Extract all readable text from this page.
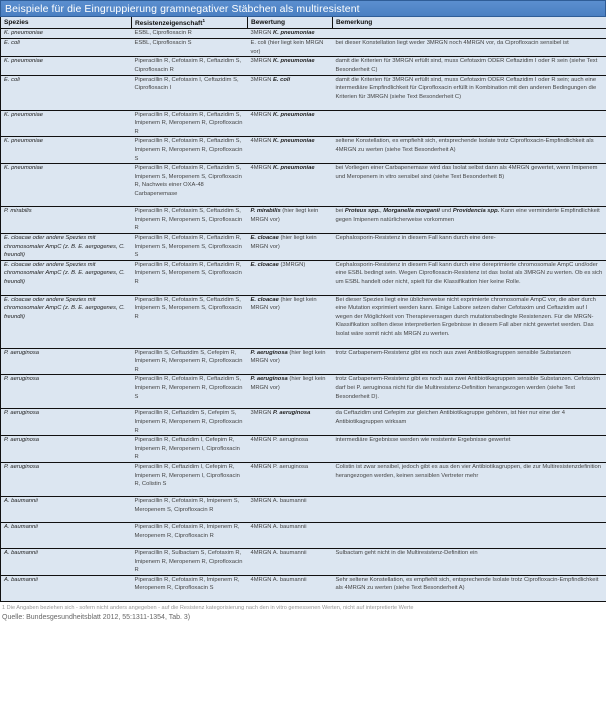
Beispiele für die Eingruppierung gramnegativer Stäbchen als multiresistent
Spezies	Resistenzeigenschaft$^1$	Bewertung	Bemerkung
K. pneumoniae	ESBL, Ciprofloxacin R	3MRGN K. pneumoniae	
E. coli	ESBL, Ciprofloxacin S	E. coli (hier liegt kein MRGN vor)	bei dieser Konstellation liegt weder 3MRGN noch 4MRGN vor, da Ciprofloxacin sensibel ist
K. pneumoniae	Piperacillin R, Cefotaxim R, Ceftazidim S, Ciprofloxacin R	3MRGN K. pneumoniae	damit die Kriterien für 3MRGN erfüllt sind, muss Cefotaxim ODER Ceftazidim I oder R sein (siehe Text Besonderheit C)
E. coli	Piperacillin R, Cefotaxim I, Ceftazidim S, Ciprofloxacin I	3MRGN E. coli	damit die Kriterien für 3MRGN erfüllt sind, muss Cefotaxim ODER Ceftazidim I oder R sein; auch eine intermediäre Empfindlichkeit für Ciprofloxacin erfüllt in Kombination mit den anderen Bedingungen die Kriterien für 3MRGN (siehe Text Besonderheit C)
K. pneumoniae	Piperacillin R, Cefotaxim R, Ceftazidim S, Imipenem R, Meropenem R, Ciprofloxacin R	4MRGN K. pneumoniae	
K. pneumoniae	Piperacillin R, Cefotaxim R, Ceftazidim S, Imipenem R, Meropenem R, Ciprofloxacin S	4MRGN K. pneumoniae	seltene Konstellation, es empfiehlt sich, entsprechende Isolate trotz Ciprofloxacin-Empfindlichkeit als 4MRGN zu werten (siehe Text Besonderheit A)
K. pneumoniae	Piperacillin R, Cefotaxim R, Ceftazidim S, Imipenem S, Meropenem S, Ciprofloxacin R, Nachweis einer OXA-48 Carbapenemase	4MRGN K. pneumoniae	bei Vorliegen einer Carbapenemase wird das Isolat selbst dann als 4MRGN gewertet, wenn Imipenem und Meropenem in vitro sensibel sind (siehe Text Besonderheit B)
P. mirabilis	Piperacillin R, Cefotaxim S, Ceftazidim S, Imipenem R, Meropenem S, Ciprofloxacin R	P. mirabilis (hier liegt kein MRGN vor)	bei Proteus spp., Morganella morganii und Providencia spp. Kann eine verminderte Empfindlichkeit gegen Imipenem natürlicherweise vorkommen
E. cloacae oder andere Spezies mit chromosomaler AmpC (z. B. E. aergogenes, C. freundii)	Piperacillin R, Cefotaxim R, Ceftazidim R, Imipenem S, Meropenem S, Ciprofloxacin S	E. cloacae (hier liegt kein MRGN vor)	Cephalosporin-Resistenz in diesem Fall kann durch eine dere-
E. cloacae oder andere Spezies mit chromosomaler AmpC (z. B. E. aergogenes, C. freundii)	Piperacillin R, Cefotaxim R, Ceftazidim R, Imipenem S, Meropenem S, Ciprofloxacin R	E. cloacae (3MRGN)	Cephalosporin-Resistenz in diesem Fall kann durch eine dereprimierte chromosomale AmpC und/oder eine ESBL bedingt sein. Wegen Ciprofloxacin-Resistenz ist das Isolat als 3MRGN zu werten. Ob es sich um ESBL handelt oder nicht, spielt für die Klassifikation hier keine Rolle.
E. cloacae oder andere Spezies mit chromosomaler AmpC (z. B. E. aergogenes, C. freundii)	Piperacillin R, Cefotaxim S, Ceftazidim S, Imipenem S, Meropenem S, Ciprofloxacin R	E. cloacae (hier liegt kein MRGN vor)	Bei dieser Spezies liegt eine üblicherweise nicht exprimierte chromosomale AmpC vor, die aber durch eine Mutation exprimiert werden kann. Einige Labore setzen daher Cefotaxim und Ceftazidim auf I wegen der Möglichkeit von Therapieversagen durch mutationsbedingte Resistenzen. Für die MRGN-Klassifikation sollten diese interpretierten Ergebnisse in diesem Fall aber nicht gewertet werden. Das Isolat wäre somit nicht als MRGN zu werten.
P. aeruginosa	Piperacillin S, Ceftazidim S, Cefepim R, Imipenem R, Meropenem R, Ciprofloxacin R	P. aeruginosa (hier liegt kein MRGN vor)	trotz Carbapenem-Resistenz gibt es noch aus zwei Antibiotikagruppen sensible Substanzen
P. aeruginosa	Piperacillin R, Cefotaxim R, Ceftazidim S, Imipenem R, Meropenem R, Ciprofloxacin S	P. aeruginosa (hier liegt kein MRGN vor)	trotz Carbapenem-Resistenz gibt es noch aus zwei Antibiotikagruppen sensible Substanzen. Cefotaxim darf bei P. aeruginosa nicht für die Multiresistenz-Definition herangezogen werden (siehe Text Besonderheit D).
P. aeruginosa	Piperacillin R, Ceftazidim S, Cefepim S, Imipenem R, Meropenem R, Ciprofloxacin R	3MRGN P. aeruginosa	da Ceftazidim und Cefepim zur gleichen Antibiotikagruppe gehören, ist hier nur eine der 4 Antibiotikagruppen wirksam
P. aeruginosa	Piperacillin R, Ceftazidim I, Cefepim R, Imipenem R, Meropenem I, Ciprofloxacin R	4MRGN P. aeruginosa	intermediäre Ergebnisse werden wie resistente Ergebnisse gewertet
P. aeruginosa	Piperacillin R, Ceftazidim I, Cefepim R, Imipenem R, Meropenem I, Ciprofloxacin R, Colistin S	4MRGN P. aeruginosa	Colistin ist zwar sensibel, jedoch gibt es aus den vier Antibiotikagruppen, die zur Multiresistenzdefinition herangezogen werden, keinen sensiblen Vertreter mehr
A. baumannii	Piperacillin R, Cefotaxim R, Imipenem S, Meropenem S, Ciprofloxacin R	3MRGN A. baumannii	
A. baumannii	Piperacillin R, Cefotaxim R, Imipenem R, Meropenem R, Ciprofloxacin R	4MRGN A. baumannii	
A. baumannii	Piperacillin R, Sulbactam S, Cefotaxim R, Imipenem R, Meropenem R, Ciprofloxacin R	4MRGN A. baumannii	Sulbactam geht nicht in die Multiresistenz-Definition ein
A. baumannii	Piperacillin R, Cefotaxim R, Imipenem R, Meropenem R, Ciprofloxacin S	4MRGN A. baumannii	Sehr seltene Konstellation, es empfiehlt sich, entsprechende Isolate trotz Ciprofloxacin-Empfindlichkeit als 4MRGN zu werten (siehe Text Besonderheit A)
1 Die Angaben beziehen sich - sofern nicht anders angegeben - auf die Resistenz kategorisierung nach den in vitro gemessenen Werten, nicht auf interpretierte Werte
Quelle: Bundesgesundheitsblatt 2012, 55:1311-1354, Tab. 3)
